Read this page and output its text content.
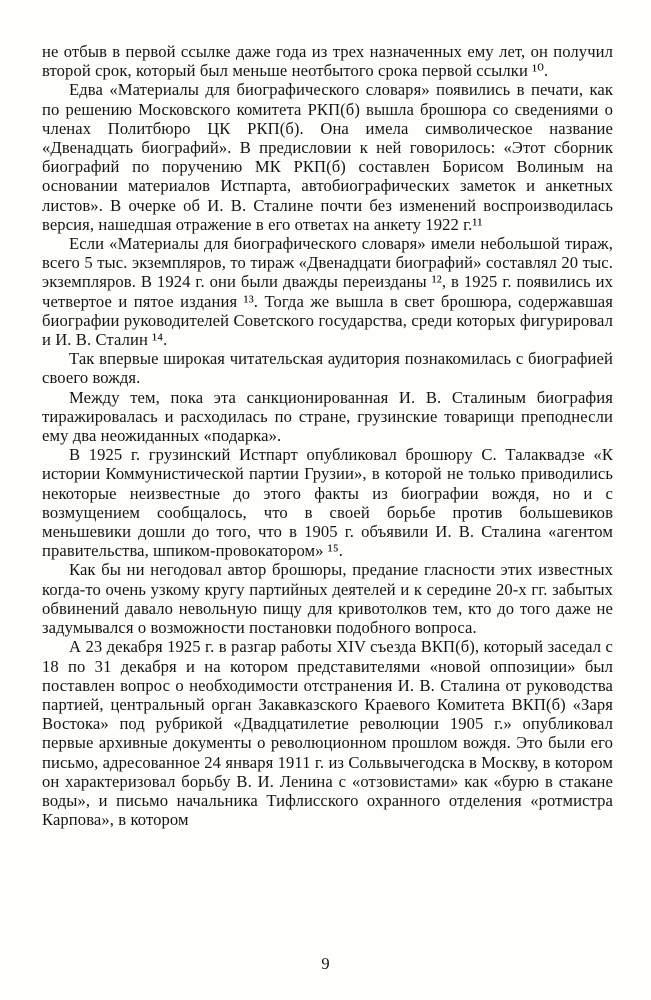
не отбыв в первой ссылке даже года из трех назначенных ему лет, он получил второй срок, который был меньше неотбытого срока первой ссылки ¹⁰.

Едва «Материалы для биографического словаря» появились в печати, как по решению Московского комитета РКП(б) вышла брошюра со сведениями о членах Политбюро ЦК РКП(б). Она имела символическое название «Двенадцать биографий». В предисловии к ней говорилось: «Этот сборник биографий по поручению МК РКП(б) составлен Борисом Волиным на основании материалов Истпарта, автобиографических заметок и анкетных листов». В очерке об И. В. Сталине почти без изменений воспроизводилась версия, нашедшая отражение в его ответах на анкету 1922 г.¹¹

Если «Материалы для биографического словаря» имели небольшой тираж, всего 5 тыс. экземпляров, то тираж «Двенадцати биографий» составлял 20 тыс. экземпляров. В 1924 г. они были дважды переизданы ¹², в 1925 г. появились их четвертое и пятое издания ¹³. Тогда же вышла в свет брошюра, содержавшая биографии руководителей Советского государства, среди которых фигурировал и И. В. Сталин ¹⁴.

Так впервые широкая читательская аудитория познакомилась с биографией своего вождя.

Между тем, пока эта санкционированная И. В. Сталиным биография тиражировалась и расходилась по стране, грузинские товарищи преподнесли ему два неожиданных «подарка».

В 1925 г. грузинский Истпарт опубликовал брошюру С. Талаквадзе «К истории Коммунистической партии Грузии», в которой не только приводились некоторые неизвестные до этого факты из биографии вождя, но и с возмущением сообщалось, что в своей борьбе против большевиков меньшевики дошли до того, что в 1905 г. объявили И. В. Сталина «агентом правительства, шпиком-провокатором» ¹⁵.

Как бы ни негодовал автор брошюры, предание гласности этих известных когда-то очень узкому кругу партийных деятелей и к середине 20-х гг. забытых обвинений давало невольную пищу для кривотолков тем, кто до того даже не задумывался о возможности постановки подобного вопроса.

А 23 декабря 1925 г. в разгар работы XIV съезда ВКП(б), который заседал с 18 по 31 декабря и на котором представителями «новой оппозиции» был поставлен вопрос о необходимости отстранения И. В. Сталина от руководства партией, центральный орган Закавказского Краевого Комитета ВКП(б) «Заря Востока» под рубрикой «Двадцатилетие революции 1905 г.» опубликовал первые архивные документы о революционном прошлом вождя. Это были его письмо, адресованное 24 января 1911 г. из Сольвычегодска в Москву, в котором он характеризовал борьбу В. И. Ленина с «отзовистами» как «бурю в стакане воды», и письмо начальника Тифлисского охранного отделения «ротмистра Карпова», в котором

9
